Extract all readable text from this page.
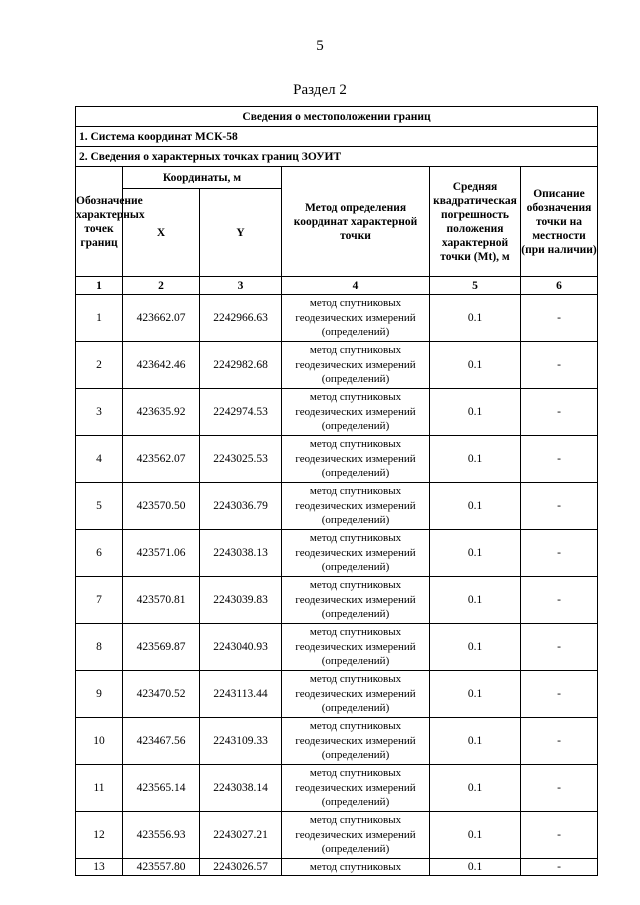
5
Раздел 2
Сведения о местоположении границ					
1. Система координат МСК-58					
2. Сведения о характерных точках границ ЗОУИТ					
Обозначение характерных точек границ	Координаты, м		Метод определения координат характерной точки	Средняя квадратическая погрешность положения характерной точки (Mt), м	Описание обозначения точки на местности (при наличии)
	X	Y			
1	2	3	4	5	6
1	423662.07	2242966.63	метод спутниковых геодезических измерений (определений)	0.1	-
2	423642.46	2242982.68	метод спутниковых геодезических измерений (определений)	0.1	-
3	423635.92	2242974.53	метод спутниковых геодезических измерений (определений)	0.1	-
4	423562.07	2243025.53	метод спутниковых геодезических измерений (определений)	0.1	-
5	423570.50	2243036.79	метод спутниковых геодезических измерений (определений)	0.1	-
6	423571.06	2243038.13	метод спутниковых геодезических измерений (определений)	0.1	-
7	423570.81	2243039.83	метод спутниковых геодезических измерений (определений)	0.1	-
8	423569.87	2243040.93	метод спутниковых геодезических измерений (определений)	0.1	-
9	423470.52	2243113.44	метод спутниковых геодезических измерений (определений)	0.1	-
10	423467.56	2243109.33	метод спутниковых геодезических измерений (определений)	0.1	-
11	423565.14	2243038.14	метод спутниковых геодезических измерений (определений)	0.1	-
12	423556.93	2243027.21	метод спутниковых геодезических измерений (определений)	0.1	-
13	423557.80	2243026.57	метод спутниковых	0.1	-
